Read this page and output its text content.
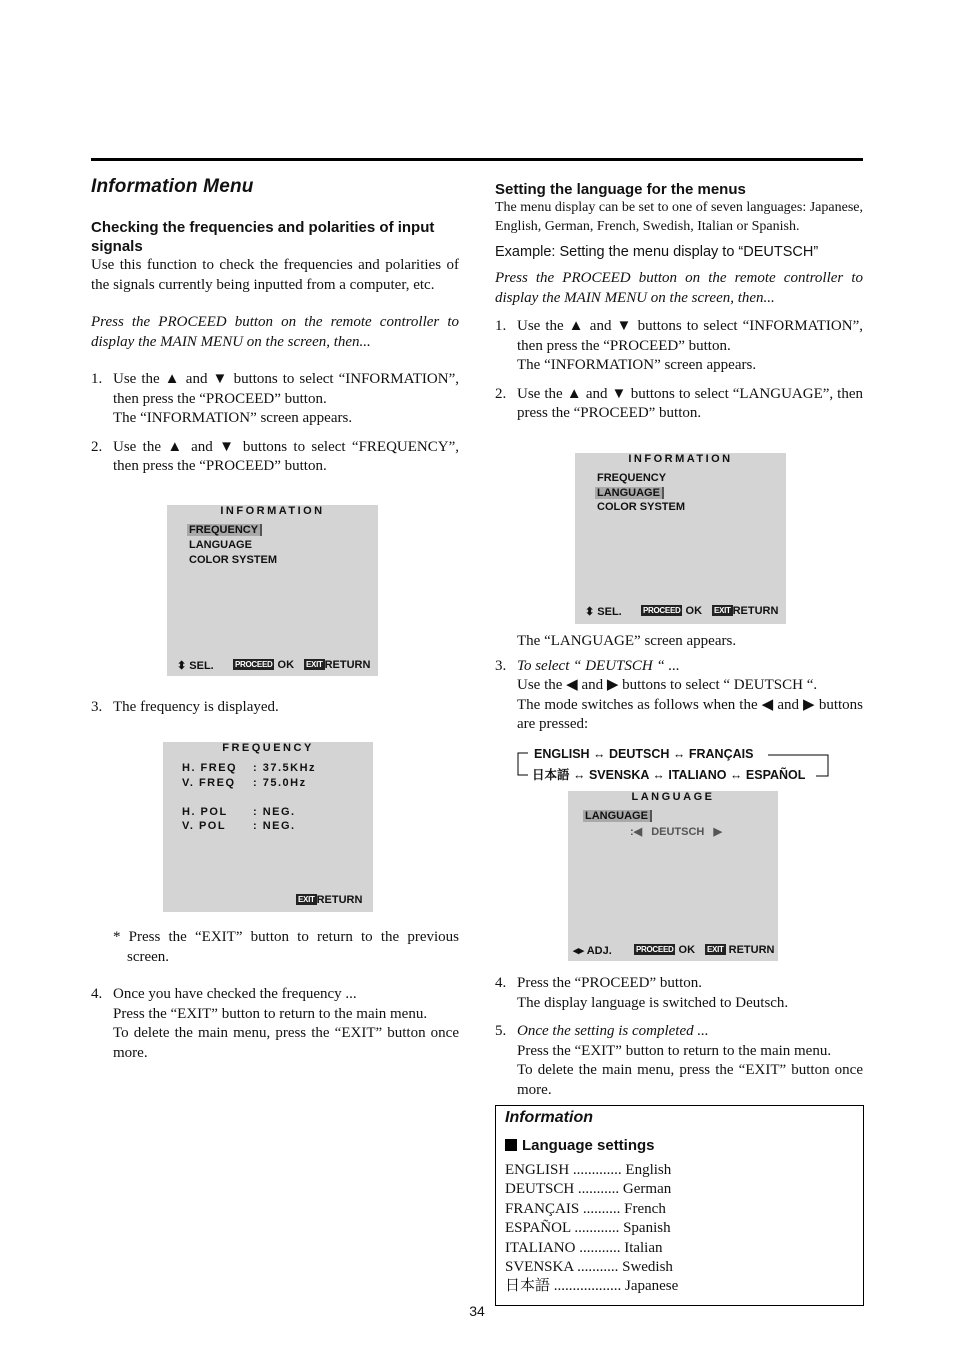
Information Menu
Checking the frequencies and polarities of input signals

Use this function to check the frequencies and polarities of the signals currently being inputted from a computer, etc.

Press the PROCEED button on the remote controller to display the MAIN MENU on the screen, then...

1. Use the ▲ and ▼ buttons to select “INFORMATION”, then press the “PROCEED” button.
The “INFORMATION” screen appears.
2. Use the ▲ and ▼ buttons to select “FREQUENCY”, then press the “PROCEED” button.
INFORMATION
FREQUENCY
LANGUAGE
COLOR SYSTEM
⬍ SEL.	PROCEED OK EXIT RETURN
3. The frequency is displayed.
FREQUENCY
H. FREQ : 37.5KHz
V. FREQ : 75.0Hz
H. POL : NEG.
V. POL : NEG.
EXIT RETURN

* Press the “EXIT” button to return to the previous screen.

4. Once you have checked the frequency ...
Press the “EXIT” button to return to the main menu.
To delete the main menu, press the “EXIT” button once more.
Setting the language for the menus

The menu display can be set to one of seven languages: Japanese, English, German, French, Swedish, Italian or Spanish.

Example: Setting the menu display to “DEUTSCH”

Press the PROCEED button on the remote controller to display the MAIN MENU on the screen, then...

1. Use the ▲ and ▼ buttons to select “INFORMATION”, then press the “PROCEED” button.
The “INFORMATION” screen appears.
2. Use the ▲ and ▼ buttons to select “LANGUAGE”, then press the “PROCEED” button.
INFORMATION
FREQUENCY
LANGUAGE
COLOR SYSTEM
⬍ SEL.	PROCEED OK EXIT RETURN

The “LANGUAGE” screen appears.

3. To select “ DEUTSCH “ ...
Use the ◀ and ▶ buttons to select “ DEUTSCH “.
The mode switches as follows when the ◀ and ▶ buttons are pressed:
ENGLISH ↔ DEUTSCH ↔ FRANÇAIS
日本語 ↔ SVENSKA ↔ ITALIANO ↔ ESPAÑOL
LANGUAGE
LANGUAGE
:◀ DEUTSCH ▶
◂▸ ADJ.	PROCEED OK EXIT RETURN
4. Press the “PROCEED” button.
The display language is switched to Deutsch.
5. Once the setting is completed ...
Press the “EXIT” button to return to the main menu.
To delete the main menu, press the “EXIT” button once more.
Information
Language settings
ENGLISH ............. English
DEUTSCH ........... German
FRANÇAIS .......... French
ESPAÑOL ............ Spanish
ITALIANO ........... Italian
SVENSKA ........... Swedish
日本語 .................. Japanese
34
